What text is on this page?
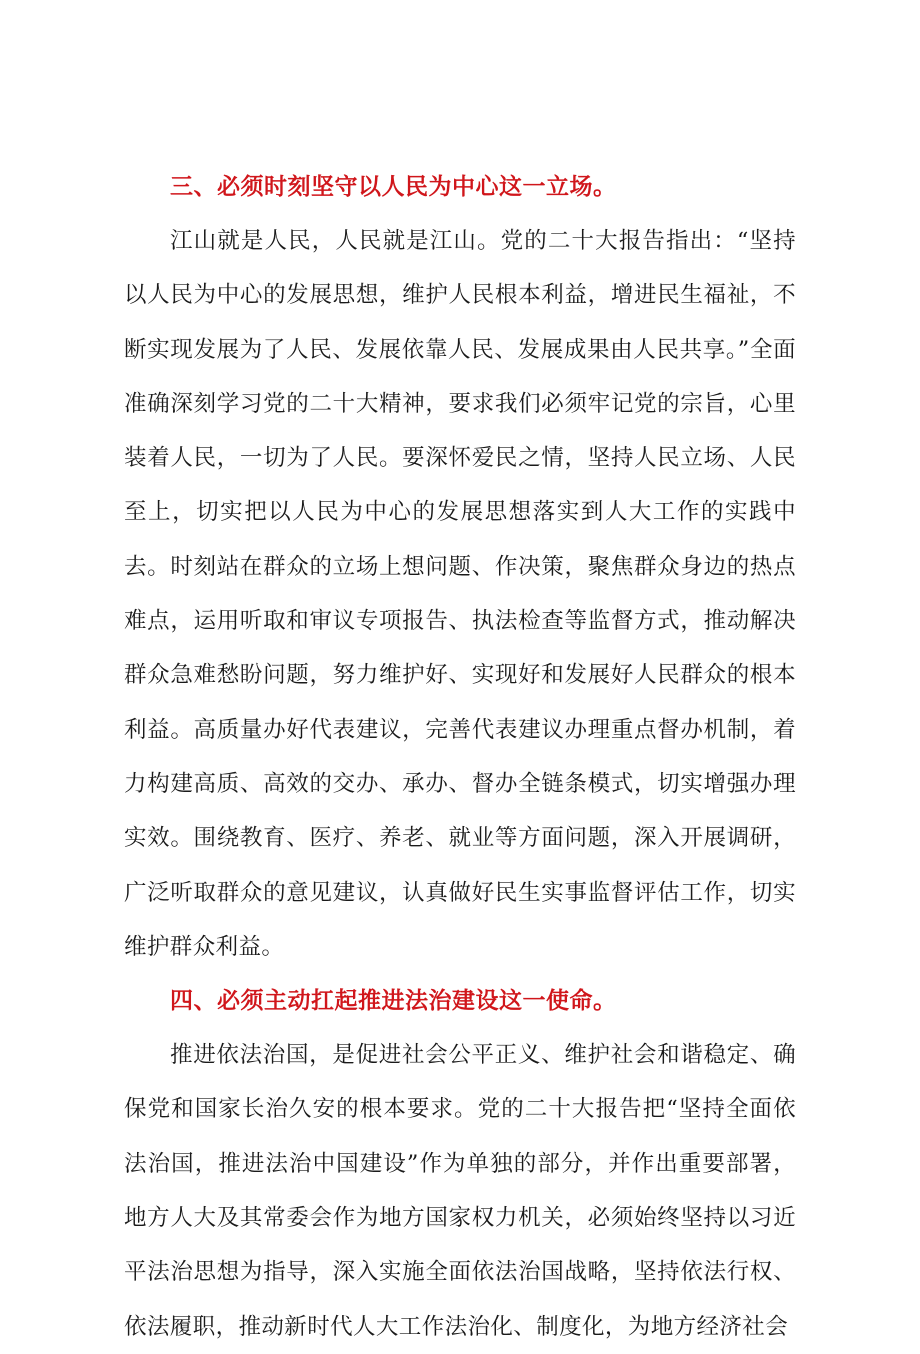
三、必须时刻坚守以人民为中心这一立场。

江山就是人民，人民就是江山。党的二十大报告指出：“坚持以人民为中心的发展思想，维护人民根本利益，增进民生福祉，不断实现发展为了人民、发展依靠人民、发展成果由人民共享。”全面准确深刻学习党的二十大精神，要求我们必须牢记党的宗旨，心里装着人民，一切为了人民。要深怀爱民之情，坚持人民立场、人民至上，切实把以人民为中心的发展思想落实到人大工作的实践中去。时刻站在群众的立场上想问题、作决策，聚焦群众身边的热点难点，运用听取和审议专项报告、执法检查等监督方式，推动解决群众急难愁盼问题，努力维护好、实现好和发展好人民群众的根本利益。高质量办好代表建议，完善代表建议办理重点督办机制，着力构建高质、高效的交办、承办、督办全链条模式，切实增强办理实效。围绕教育、医疗、养老、就业等方面问题，深入开展调研，广泛听取群众的意见建议，认真做好民生实事监督评估工作，切实维护群众利益。

四、必须主动扛起推进法治建设这一使命。

推进依法治国，是促进社会公平正义、维护社会和谐稳定、确保党和国家长治久安的根本要求。党的二十大报告把“坚持全面依法治国，推进法治中国建设”作为单独的部分，并作出重要部署，地方人大及其常委会作为地方国家权力机关，必须始终坚持以习近平法治思想为指导，深入实施全面依法治国战略，坚持依法行权、依法履职，推动新时代人大工作法治化、制度化，为地方经济社会
